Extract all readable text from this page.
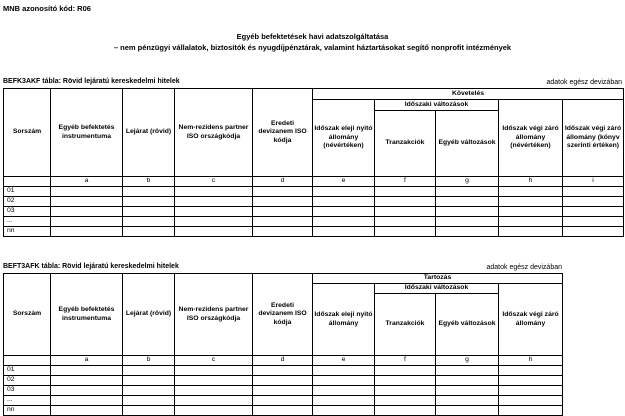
MNB azonosító kód: R06
Egyéb befektetések havi adatszolgáltatása
– nem pénzügyi vállalatok, biztosítók és nyugdíjpénztárak, valamint háztartásokat segítő nonprofit intézmények
BEFK3AKF tábla: Rövid lejáratú kereskedelmi hitelek	adatok egész devizában
Sorszám	Egyéb befektetés instrumentuma	Lejárat (rövid)	Nem-rezidens partner ISO országkódja	Eredeti devizanem ISO kódja	Követelés				
					Időszak eleji nyitó állomány (névértéken)	Időszaki változások		Időszak végi záró állomány (névértéken)	Időszak végi záró állomány (könyv szerinti értéken)
						Tranzakciók	Egyéb változások		
	a	b	c	d	e	f	g	h	i
01									
02									
03									
...									
nn									
BEFT3AFK tábla: Rövid lejáratú kereskedelmi hitelek	adatok egész devizában
Sorszám	Egyéb befektetés instrumentuma	Lejárat (rövid)	Nem-rezidens partner ISO országkódja	Eredeti devizanem ISO kódja	Tartozás			
					Időszak eleji nyitó állomány	Időszaki változások		Időszak végi záró állomány
						Tranzakciók	Egyéb változások	
	a	b	c	d	e	f	g	h
01								
02								
03								
...								
nn								
